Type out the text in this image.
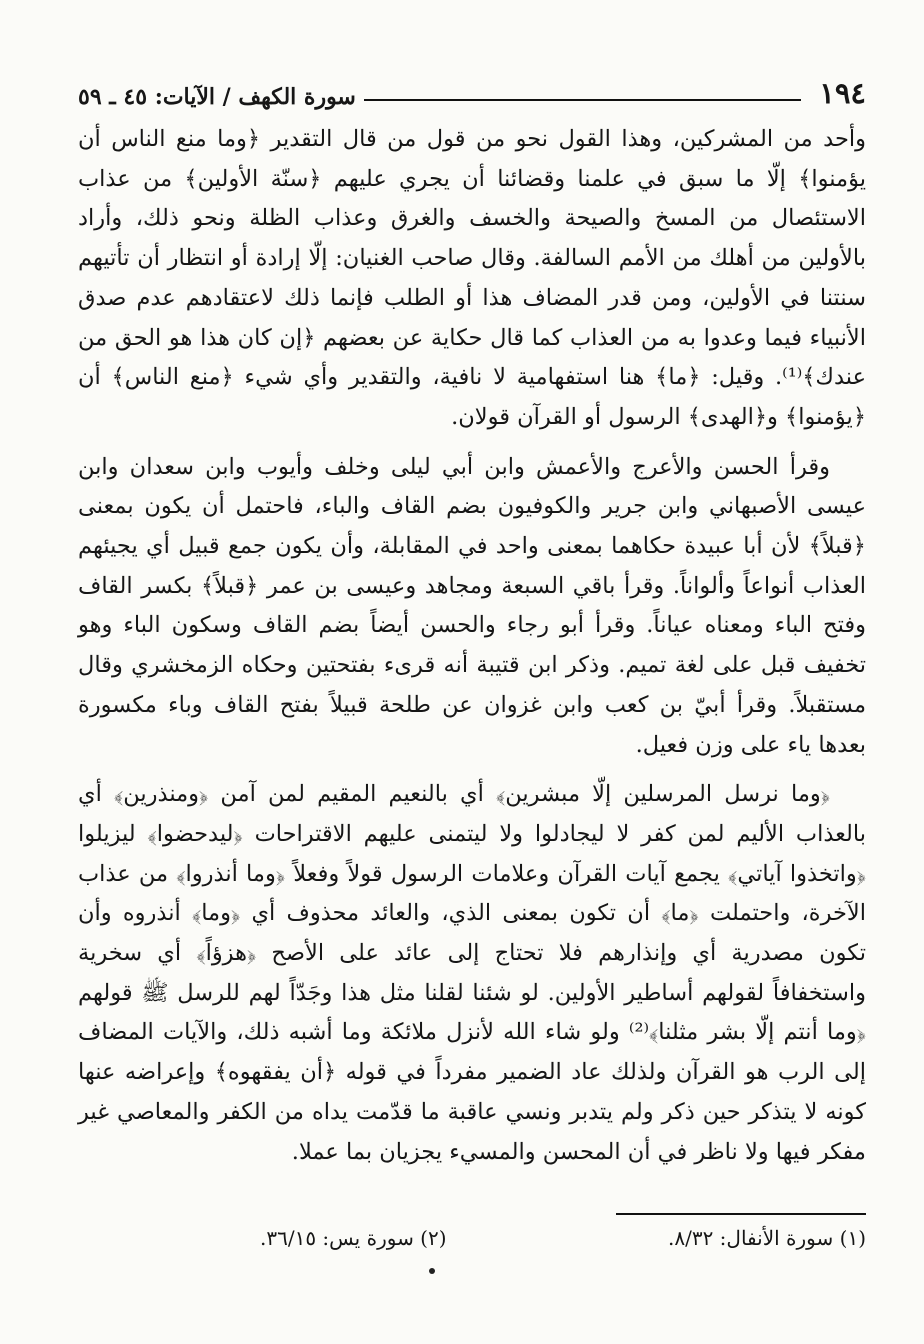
١٩٤
سورة الكهف / الآيات: ٤٥ ـ ٥٩

وأحد من المشركين، وهذا القول نحو من قول من قال التقدير ﴿وما منع الناس أن يؤمنوا﴾ إلّا ما سبق في علمنا وقضائنا أن يجري عليهم ﴿سنّة الأولين﴾ من عذاب الاستئصال من المسخ والصيحة والخسف والغرق وعذاب الظلة ونحو ذلك، وأراد بالأولين من أهلك من الأمم السالفة. وقال صاحب الغنيان: إلّا إرادة أو انتظار أن تأتيهم سنتنا في الأولين، ومن قدر المضاف هذا أو الطلب فإنما ذلك لاعتقادهم عدم صدق الأنبياء فيما وعدوا به من العذاب كما قال حكاية عن بعضهم ﴿إن كان هذا هو الحق من عندك﴾⁽¹⁾. وقيل: ﴿ما﴾ هنا استفهامية لا نافية، والتقدير وأي شيء ﴿منع الناس﴾ أن ﴿يؤمنوا﴾ و﴿الهدى﴾ الرسول أو القرآن قولان.

وقرأ الحسن والأعرج والأعمش وابن أبي ليلى وخلف وأيوب وابن سعدان وابن عيسى الأصبهاني وابن جرير والكوفيون بضم القاف والباء، فاحتمل أن يكون بمعنى ﴿قبلاً﴾ لأن أبا عبيدة حكاهما بمعنى واحد في المقابلة، وأن يكون جمع قبيل أي يجيئهم العذاب أنواعاً وألواناً. وقرأ باقي السبعة ومجاهد وعيسى بن عمر ﴿قبلاً﴾ بكسر القاف وفتح الباء ومعناه عياناً. وقرأ أبو رجاء والحسن أيضاً بضم القاف وسكون الباء وهو تخفيف قبل على لغة تميم. وذكر ابن قتيبة أنه قرىء بفتحتين وحكاه الزمخشري وقال مستقبلاً. وقرأ أبيّ بن كعب وابن غزوان عن طلحة قبيلاً بفتح القاف وباء مكسورة بعدها ياء على وزن فعيل.

﴿وما نرسل المرسلين إلّا مبشرين﴾ أي بالنعيم المقيم لمن آمن ﴿ومنذرين﴾ أي بالعذاب الأليم لمن كفر لا ليجادلوا ولا ليتمنى عليهم الاقتراحات ﴿ليدحضوا﴾ ليزيلوا ﴿واتخذوا آياتي﴾ يجمع آيات القرآن وعلامات الرسول قولاً وفعلاً ﴿وما أنذروا﴾ من عذاب الآخرة، واحتملت ﴿ما﴾ أن تكون بمعنى الذي، والعائد محذوف أي ﴿وما﴾ أنذروه وأن تكون مصدرية أي وإنذارهم فلا تحتاج إلى عائد على الأصح ﴿هزؤاً﴾ أي سخرية واستخفافاً لقولهم أساطير الأولين. لو شئنا لقلنا مثل هذا وجَدّاً لهم للرسل ﷺ قولهم ﴿وما أنتم إلّا بشر مثلنا﴾⁽²⁾ ولو شاء الله لأنزل ملائكة وما أشبه ذلك، والآيات المضاف إلى الرب هو القرآن ولذلك عاد الضمير مفرداً في قوله ﴿أن يفقهوه﴾ وإعراضه عنها كونه لا يتذكر حين ذكر ولم يتدبر ونسي عاقبة ما قدّمت يداه من الكفر والمعاصي غير مفكر فيها ولا ناظر في أن المحسن والمسيء يجزيان بما عملا.

(١) سورة الأنفال: ٨/٣٢.
(٢) سورة يس: ٣٦/١٥.
